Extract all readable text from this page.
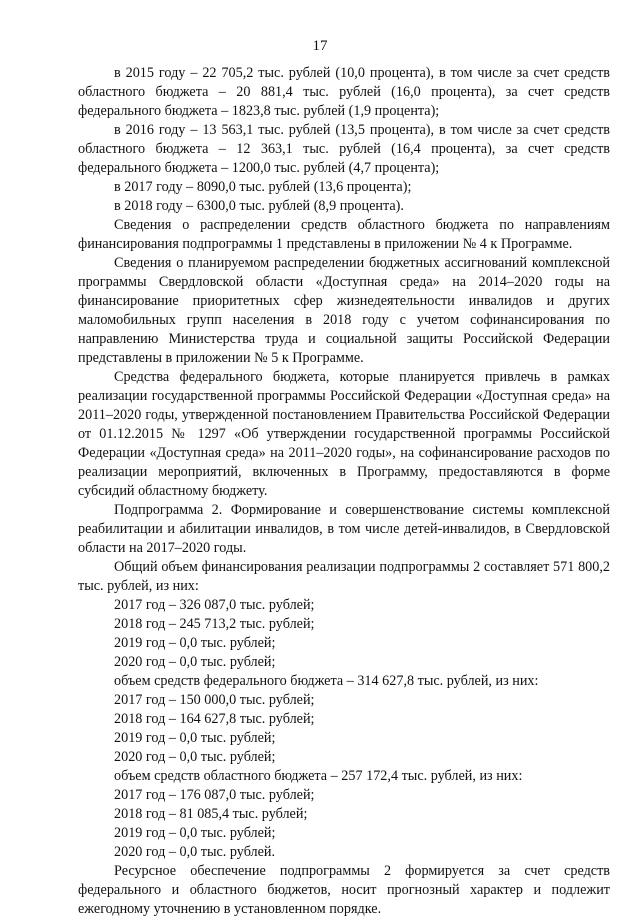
17

в 2015 году – 22 705,2 тыс. рублей (10,0 процента), в том числе за счет средств областного бюджета – 20 881,4 тыс. рублей (16,0 процента), за счет средств федерального бюджета – 1823,8 тыс. рублей (1,9 процента);

в 2016 году – 13 563,1 тыс. рублей (13,5 процента), в том числе за счет средств областного бюджета – 12 363,1 тыс. рублей (16,4 процента), за счет средств федерального бюджета – 1200,0 тыс. рублей (4,7 процента);

в 2017 году – 8090,0 тыс. рублей (13,6 процента);

в 2018 году – 6300,0 тыс. рублей (8,9 процента).

Сведения о распределении средств областного бюджета по направлениям финансирования подпрограммы 1 представлены в приложении № 4 к Программе.

Сведения о планируемом распределении бюджетных ассигнований комплексной программы Свердловской области «Доступная среда» на 2014–2020 годы на финансирование приоритетных сфер жизнедеятельности инвалидов и других маломобильных групп населения в 2018 году с учетом софинансирования по направлению Министерства труда и социальной защиты Российской Федерации представлены в приложении № 5 к Программе.

Средства федерального бюджета, которые планируется привлечь в рамках реализации государственной программы Российской Федерации «Доступная среда» на 2011–2020 годы, утвержденной постановлением Правительства Российской Федерации от 01.12.2015 № 1297 «Об утверждении государственной программы Российской Федерации «Доступная среда» на 2011–2020 годы», на софинансирование расходов по реализации мероприятий, включенных в Программу, предоставляются в форме субсидий областному бюджету.

Подпрограмма 2. Формирование и совершенствование системы комплексной реабилитации и абилитации инвалидов, в том числе детей-инвалидов, в Свердловской области на 2017–2020 годы.

Общий объем финансирования реализации подпрограммы 2 составляет 571 800,2 тыс. рублей, из них:

2017 год – 326 087,0 тыс. рублей;

2018 год – 245 713,2 тыс. рублей;

2019 год – 0,0 тыс. рублей;

2020 год – 0,0 тыс. рублей;

объем средств федерального бюджета – 314 627,8 тыс. рублей, из них:

2017 год – 150 000,0 тыс. рублей;

2018 год – 164 627,8 тыс. рублей;

2019 год – 0,0 тыс. рублей;

2020 год – 0,0 тыс. рублей;

объем средств областного бюджета – 257 172,4 тыс. рублей, из них:

2017 год – 176 087,0 тыс. рублей;

2018 год – 81 085,4 тыс. рублей;

2019 год – 0,0 тыс. рублей;

2020 год – 0,0 тыс. рублей.

Ресурсное обеспечение подпрограммы 2 формируется за счет средств федерального и областного бюджетов, носит прогнозный характер и подлежит ежегодному уточнению в установленном порядке.
